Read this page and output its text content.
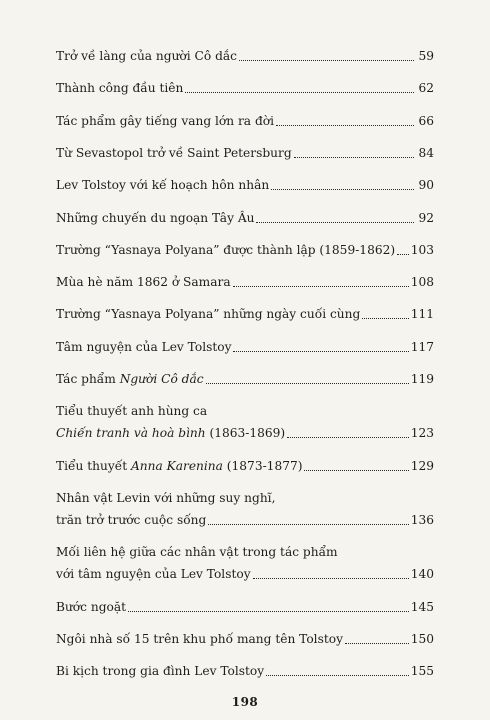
Trở về làng của người Cô dắc	59
Thành công đầu tiên	62
Tác phẩm gây tiếng vang lớn ra đời	66
Từ Sevastopol trở về Saint Petersburg	84
Lev Tolstoy với kế hoạch hôn nhân	90
Những chuyến du ngoạn Tây Âu	92
Trường “Yasnaya Polyana” được thành lập (1859-1862) 103
Mùa hè năm 1862 ở Samara	108
Trường “Yasnaya Polyana” những ngày cuối cùng	111
Tâm nguyện của Lev Tolstoy	117
Tác phẩm Người Cô dắc	119
Tiểu thuyết anh hùng ca
Chiến tranh và hoà bình (1863-1869)	123
Tiểu thuyết Anna Karenina (1873-1877)	129
Nhân vật Levin với những suy nghĩ,
trăn trở trước cuộc sống	136
Mối liên hệ giữa các nhân vật trong tác phẩm
với tâm nguyện của Lev Tolstoy	140
Bước ngoặt	145
Ngôi nhà số 15 trên khu phố mang tên Tolstoy	150
Bi kịch trong gia đình Lev Tolstoy	155
198
